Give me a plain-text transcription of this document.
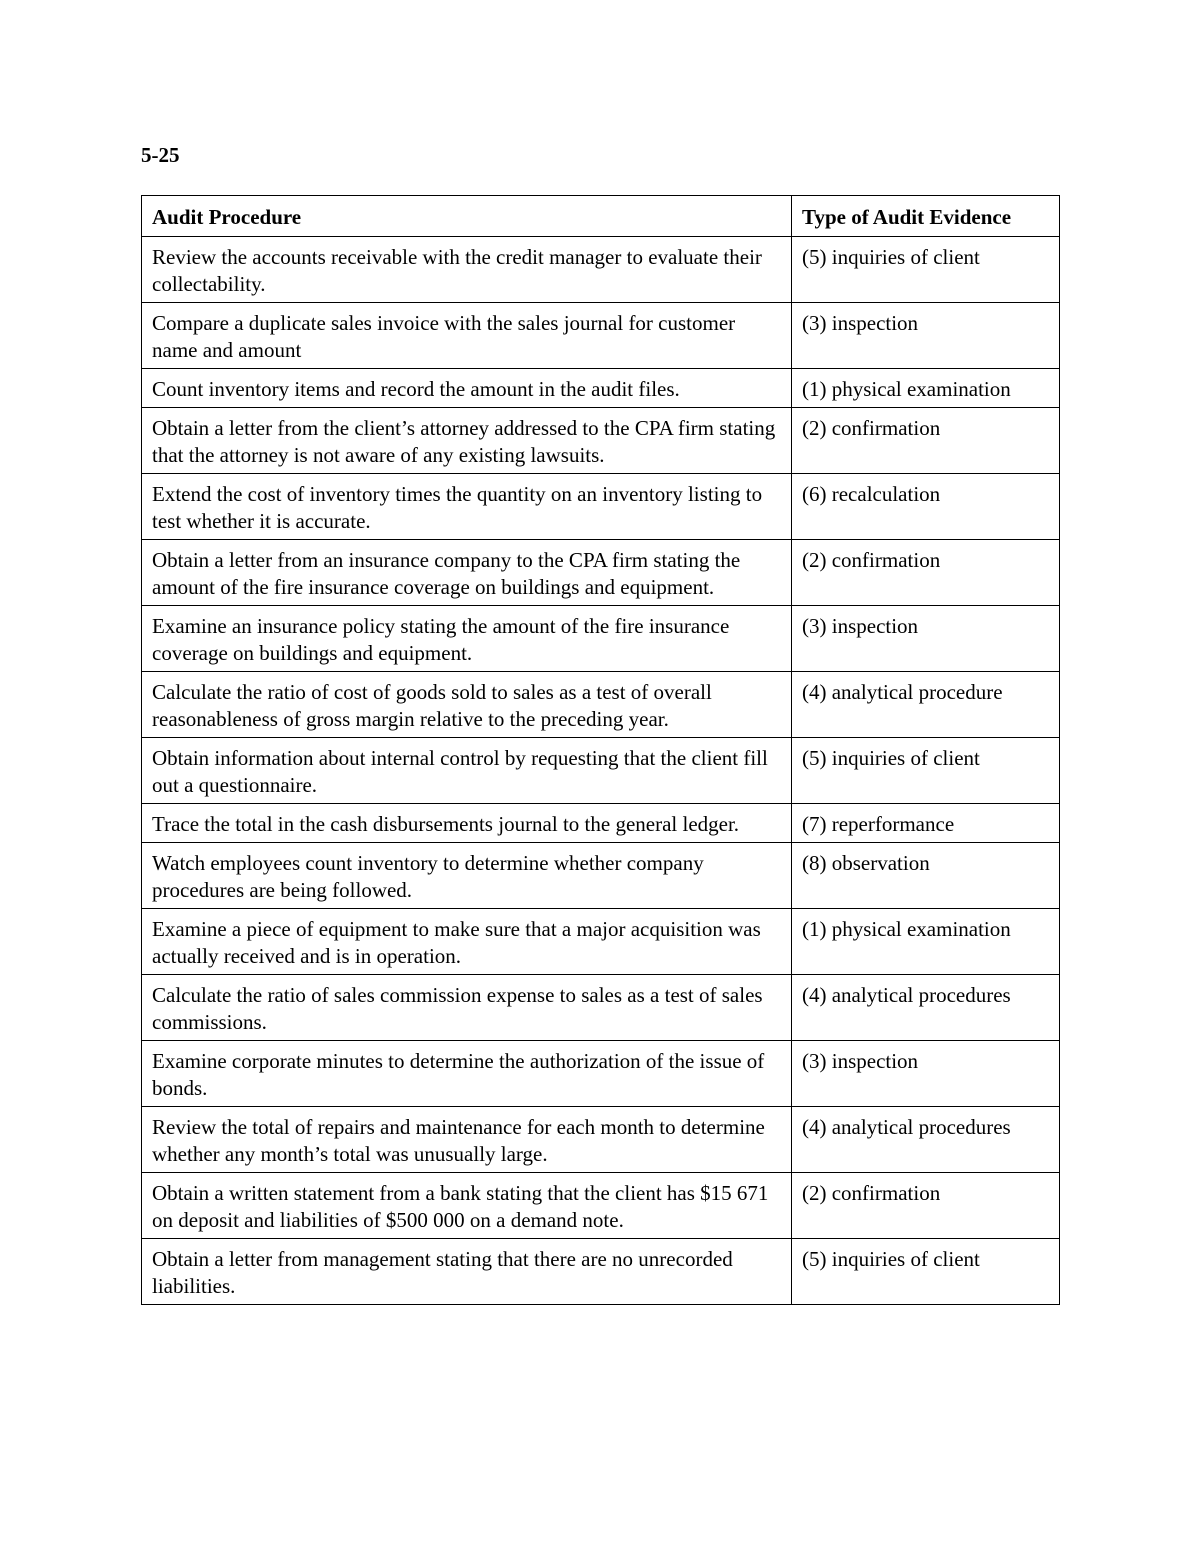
5-25
Audit Procedure	Type of Audit Evidence
Review the accounts receivable with the credit manager to evaluate their collectability.	(5) inquiries of client
Compare a duplicate sales invoice with the sales journal for customer name and amount	(3) inspection
Count inventory items and record the amount in the audit files.	(1) physical examination
Obtain a letter from the client’s attorney addressed to the CPA firm stating that the attorney is not aware of any existing lawsuits.	(2) confirmation
Extend the cost of inventory times the quantity on an inventory listing to test whether it is accurate.	(6) recalculation
Obtain a letter from an insurance company to the CPA firm stating the amount of the fire insurance coverage on buildings and equipment.	(2) confirmation
Examine an insurance policy stating the amount of the fire insurance coverage on buildings and equipment.	(3) inspection
Calculate the ratio of cost of goods sold to sales as a test of overall reasonableness of gross margin relative to the preceding year.	(4) analytical procedure
Obtain information about internal control by requesting that the client fill out a questionnaire.	(5) inquiries of client
Trace the total in the cash disbursements journal to the general ledger.	(7) reperformance
Watch employees count inventory to determine whether company procedures are being followed.	(8) observation
Examine a piece of equipment to make sure that a major acquisition was actually received and is in operation.	(1) physical examination
Calculate the ratio of sales commission expense to sales as a test of sales commissions.	(4) analytical procedures
Examine corporate minutes to determine the authorization of the issue of bonds.	(3) inspection
Review the total of repairs and maintenance for each month to determine whether any month’s total was unusually large.	(4) analytical procedures
Obtain a written statement from a bank stating that the client has $15 671 on deposit and liabilities of $500 000 on a demand note.	(2) confirmation
Obtain a letter from management stating that there are no unrecorded liabilities.	(5) inquiries of client
